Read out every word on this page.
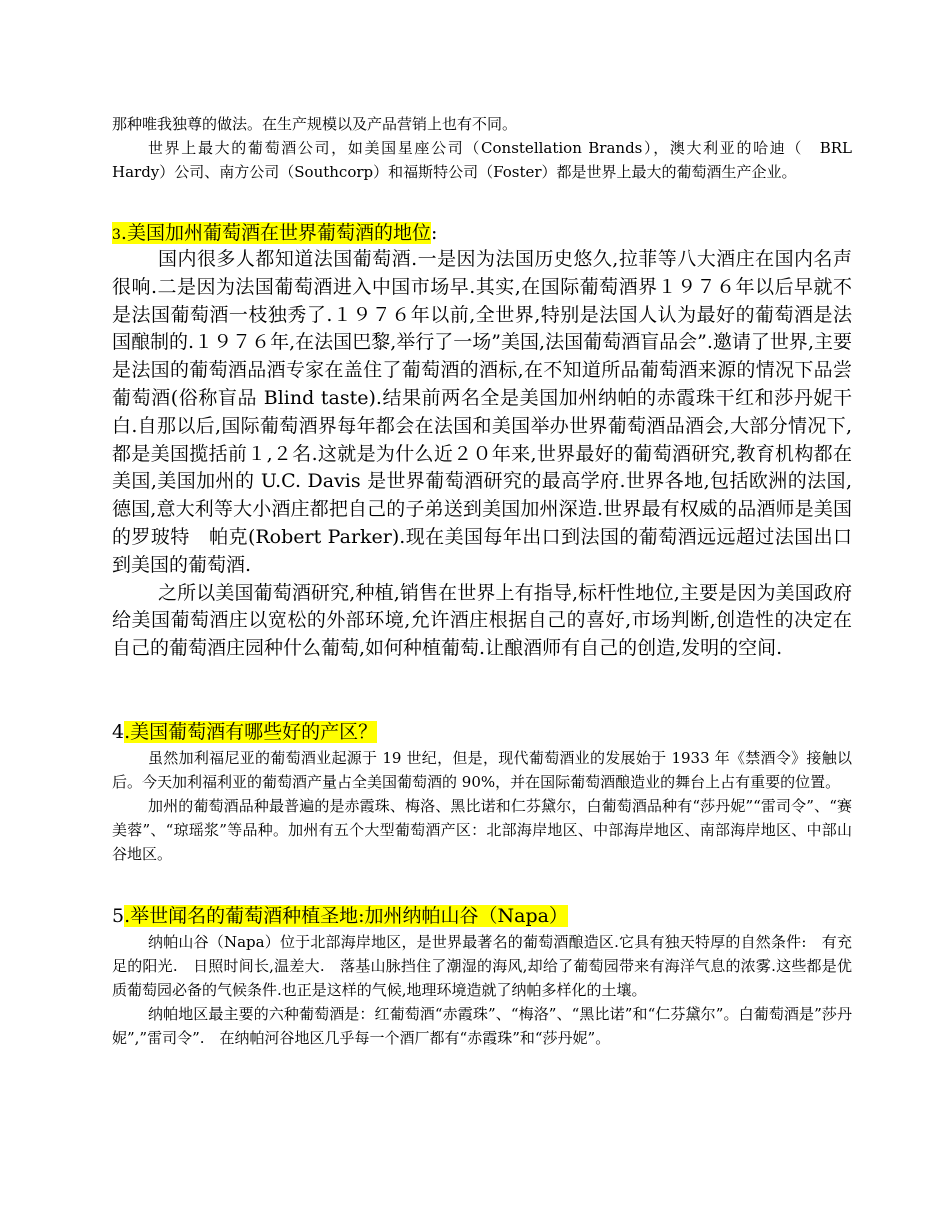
那种唯我独尊的做法。在生产规模以及产品营销上也有不同。

世界上最大的葡萄酒公司，如美国星座公司（Constellation Brands），澳大利亚的哈迪（　BRL Hardy）公司、南方公司（Southcorp）和福斯特公司（Foster）都是世界上最大的葡萄酒生产企业。

3.美国加州葡萄酒在世界葡萄酒的地位:

国内很多人都知道法国葡萄酒.一是因为法国历史悠久,拉菲等八大酒庄在国内名声很响.二是因为法国葡萄酒进入中国市场早.其实,在国际葡萄酒界１９７６年以后早就不是法国葡萄酒一枝独秀了.１９７６年以前,全世界,特别是法国人认为最好的葡萄酒是法国酿制的.１９７６年,在法国巴黎,举行了一场”美国,法国葡萄酒盲品会”.邀请了世界,主要是法国的葡萄酒品酒专家在盖住了葡萄酒的酒标,在不知道所品葡萄酒来源的情况下品尝葡萄酒(俗称盲品 Blind taste).结果前两名全是美国加州纳帕的赤霞珠干红和莎丹妮干白.自那以后,国际葡萄酒界每年都会在法国和美国举办世界葡萄酒品酒会,大部分情况下,都是美国揽括前１,２名.这就是为什么近２０年来,世界最好的葡萄酒研究,教育机构都在美国,美国加州的 U.C. Davis 是世界葡萄酒研究的最高学府.世界各地,包括欧洲的法国,德国,意大利等大小酒庄都把自己的子弟送到美国加州深造.世界最有权威的品酒师是美国的罗玻特　帕克(Robert Parker).现在美国每年出口到法国的葡萄酒远远超过法国出口到美国的葡萄酒.

之所以美国葡萄酒研究,种植,销售在世界上有指导,标杆性地位,主要是因为美国政府给美国葡萄酒庄以宽松的外部环境,允许酒庄根据自己的喜好,市场判断,创造性的决定在自己的葡萄酒庄园种什么葡萄,如何种植葡萄.让酿酒师有自己的创造,发明的空间.

4.美国葡萄酒有哪些好的产区？

虽然加利福尼亚的葡萄酒业起源于 19 世纪，但是，现代葡萄酒业的发展始于 1933 年《禁酒令》接触以后。今天加利福利亚的葡萄酒产量占全美国葡萄酒的 90%，并在国际葡萄酒酿造业的舞台上占有重要的位置。

加州的葡萄酒品种最普遍的是赤霞珠、梅洛、黑比诺和仁芬黛尔，白葡萄酒品种有“莎丹妮”“雷司令”、“赛美蓉”、“琼瑶浆”等品种。加州有五个大型葡萄酒产区：北部海岸地区、中部海岸地区、南部海岸地区、中部山谷地区。

5.举世闻名的葡萄酒种植圣地:加州纳帕山谷（Napa）

纳帕山谷（Napa）位于北部海岸地区，是世界最著名的葡萄酒酿造区.它具有独天特厚的自然条件:　有充足的阳光.　日照时间长,温差大.　落基山脉挡住了潮湿的海风,却给了葡萄园带来有海洋气息的浓雾.这些都是优质葡萄园必备的气候条件.也正是这样的气候,地理环境造就了纳帕多样化的土壤。

纳帕地区最主要的六种葡萄酒是：红葡萄酒“赤霞珠”、“梅洛”、“黑比诺”和“仁芬黛尔”。白葡萄酒是”莎丹妮”,”雷司令”.　在纳帕河谷地区几乎每一个酒厂都有“赤霞珠”和“莎丹妮”。
